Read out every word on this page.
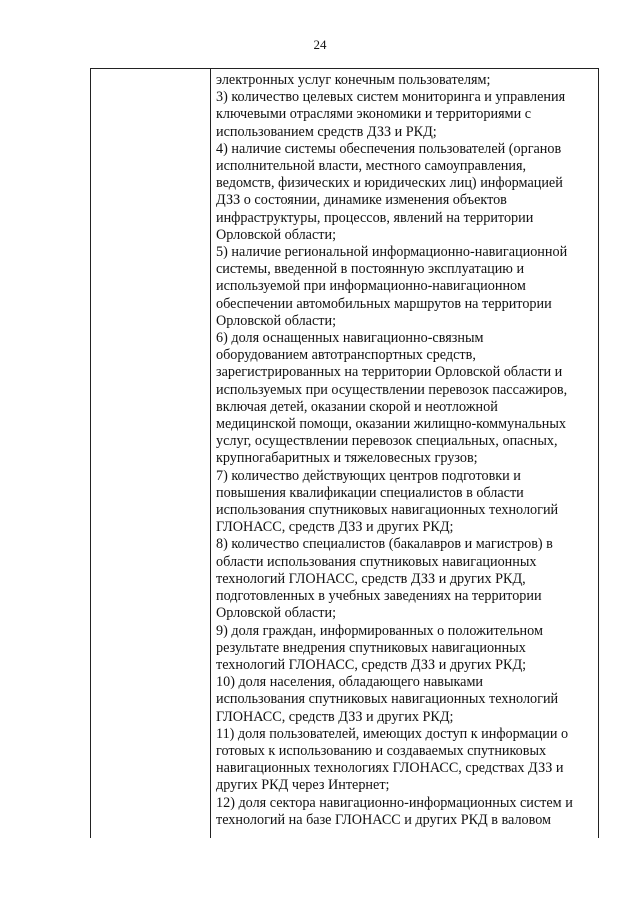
24
электронных услуг конечным пользователям;
3) количество целевых систем мониторинга и управления
ключевыми отраслями экономики и территориями с
использованием средств ДЗЗ и РКД;
4) наличие системы обеспечения пользователей (органов
исполнительной власти, местного самоуправления,
ведомств, физических и юридических лиц) информацией
ДЗЗ о состоянии, динамике изменения объектов
инфраструктуры, процессов, явлений на территории
Орловской области;
5) наличие региональной информационно-навигационной
системы, введенной в постоянную эксплуатацию и
используемой при информационно-навигационном
обеспечении автомобильных маршрутов на территории
Орловской области;
6) доля оснащенных навигационно-связным
оборудованием автотранспортных средств,
зарегистрированных на территории Орловской области и
используемых при осуществлении перевозок пассажиров,
включая детей, оказании скорой и неотложной
медицинской помощи, оказании жилищно-коммунальных
услуг, осуществлении перевозок специальных, опасных,
крупногабаритных и тяжеловесных грузов;
7) количество действующих центров подготовки и
повышения квалификации специалистов в области
использования спутниковых навигационных технологий
ГЛОНАСС, средств ДЗЗ и других РКД;
8) количество специалистов (бакалавров и магистров) в
области использования спутниковых навигационных
технологий ГЛОНАСС, средств ДЗЗ и других РКД,
подготовленных в учебных заведениях на территории
Орловской области;
9) доля граждан, информированных о положительном
результате внедрения спутниковых навигационных
технологий ГЛОНАСС, средств ДЗЗ и других РКД;
10) доля населения, обладающего навыками
использования спутниковых навигационных технологий
ГЛОНАСС, средств ДЗЗ и других РКД;
11) доля пользователей, имеющих доступ к информации о
готовых к использованию и создаваемых спутниковых
навигационных технологиях ГЛОНАСС, средствах ДЗЗ и
других РКД через Интернет;
12) доля сектора навигационно-информационных систем и
технологий на базе ГЛОНАСС и других РКД в валовом
